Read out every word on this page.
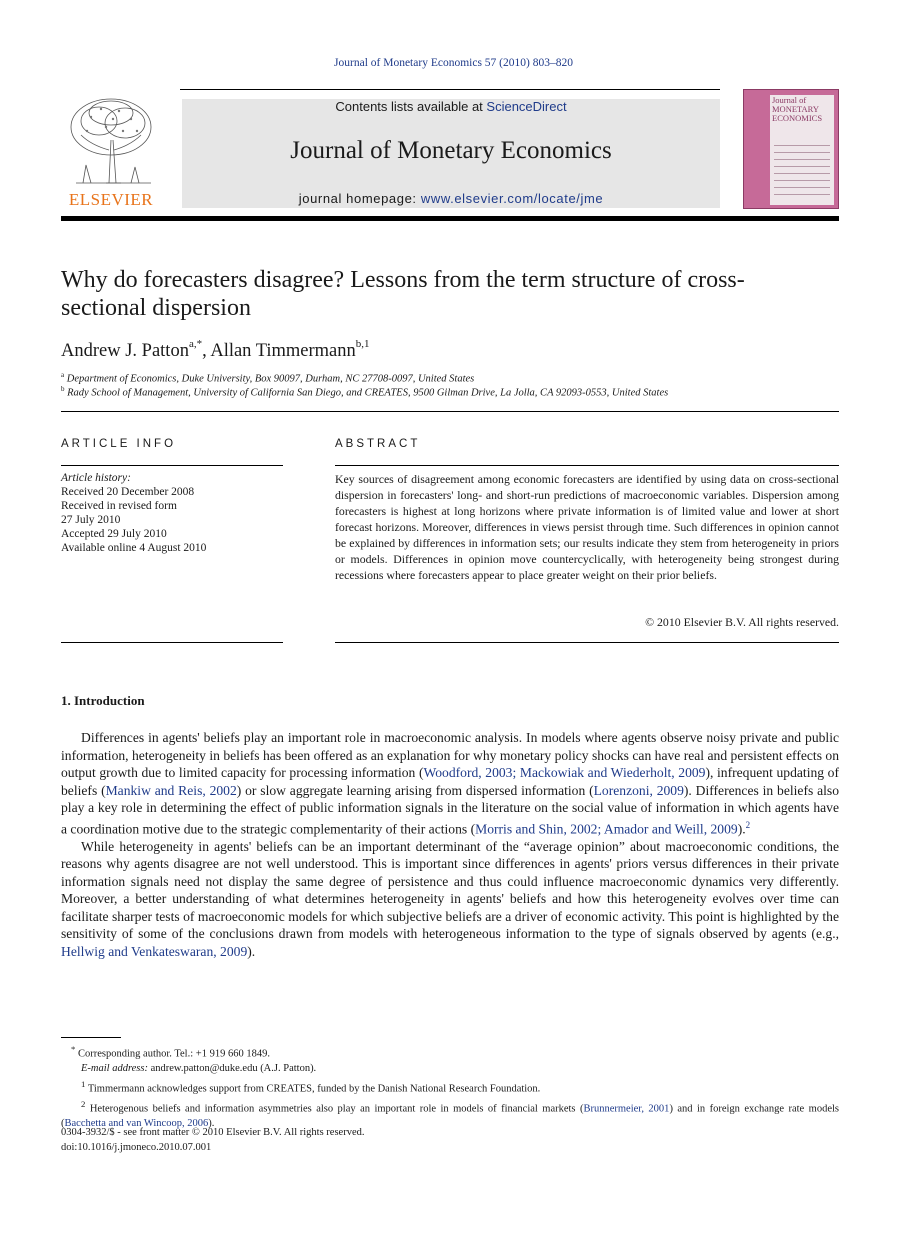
Journal of Monetary Economics 57 (2010) 803–820
ELSEVIER
Contents lists available at ScienceDirect
Journal of Monetary Economics
journal homepage: www.elsevier.com/locate/jme
Journal of MONETARY ECONOMICS
Why do forecasters disagree? Lessons from the term structure of cross-sectional dispersion
Andrew J. Patton$^{a,*}$, Allan Timmermann$^{b,1}$
$^a$ Department of Economics, Duke University, Box 90097, Durham, NC 27708-0097, United States
$^b$ Rady School of Management, University of California San Diego, and CREATES, 9500 Gilman Drive, La Jolla, CA 92093-0553, United States
ARTICLE INFO
Article history:
Received 20 December 2008
Received in revised form
27 July 2010
Accepted 29 July 2010
Available online 4 August 2010
ABSTRACT
Key sources of disagreement among economic forecasters are identified by using data on cross-sectional dispersion in forecasters' long- and short-run predictions of macroeconomic variables. Dispersion among forecasters is highest at long horizons where private information is of limited value and lower at short forecast horizons. Moreover, differences in views persist through time. Such differences in opinion cannot be explained by differences in information sets; our results indicate they stem from heterogeneity in priors or models. Differences in opinion move countercyclically, with heterogeneity being strongest during recessions where forecasters appear to place greater weight on their prior beliefs.
© 2010 Elsevier B.V. All rights reserved.
1. Introduction

Differences in agents' beliefs play an important role in macroeconomic analysis. In models where agents observe noisy private and public information, heterogeneity in beliefs has been offered as an explanation for why monetary policy shocks can have real and persistent effects on output growth due to limited capacity for processing information (Woodford, 2003; Mackowiak and Wiederholt, 2009), infrequent updating of beliefs (Mankiw and Reis, 2002) or slow aggregate learning arising from dispersed information (Lorenzoni, 2009). Differences in beliefs also play a key role in determining the effect of public information signals in the literature on the social value of information in which agents have a coordination motive due to the strategic complementarity of their actions (Morris and Shin, 2002; Amador and Weill, 2009).$^2$

While heterogeneity in agents' beliefs can be an important determinant of the “average opinion” about macroeconomic conditions, the reasons why agents disagree are not well understood. This is important since differences in agents' priors versus differences in their private information signals need not display the same degree of persistence and thus could influence macroeconomic dynamics very differently. Moreover, a better understanding of what determines heterogeneity in agents' beliefs and how this heterogeneity evolves over time can facilitate sharper tests of macroeconomic models for which subjective beliefs are a driver of economic activity. This point is highlighted by the sensitivity of some of the conclusions drawn from models with heterogeneous information to the type of signals observed by agents (e.g., Hellwig and Venkateswaran, 2009).

* Corresponding author. Tel.: +1 919 660 1849.

E-mail address: andrew.patton@duke.edu (A.J. Patton).

$^1$ Timmermann acknowledges support from CREATES, funded by the Danish National Research Foundation.

$^2$ Heterogenous beliefs and information asymmetries also play an important role in models of financial markets (Brunnermeier, 2001) and in foreign exchange rate models (Bacchetta and van Wincoop, 2006).

0304-3932/$ - see front matter © 2010 Elsevier B.V. All rights reserved.
doi:10.1016/j.jmoneco.2010.07.001
